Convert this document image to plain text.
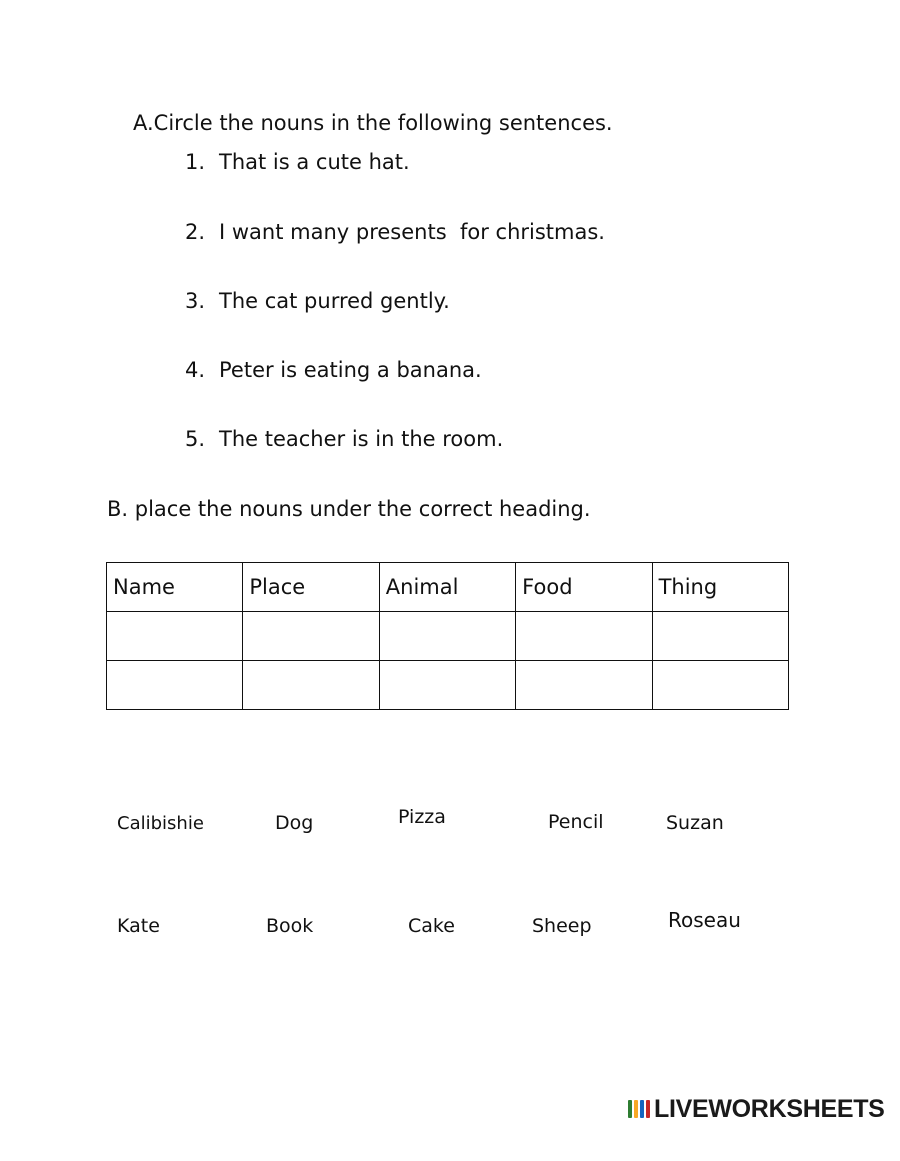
A.Circle the nouns in the following sentences.
1. That is a cute hat.
2. I want many presents  for christmas.
3. The cat purred gently.
4. Peter is eating a banana.
5. The teacher is in the room.
B. place the nouns under the correct heading.
Name	Place	Animal	Food	Thing

Calibishie	Dog	Pizza	Pencil	Suzan
Kate	Book	Cake	Sheep	Roseau
LIVEWORKSHEETS
